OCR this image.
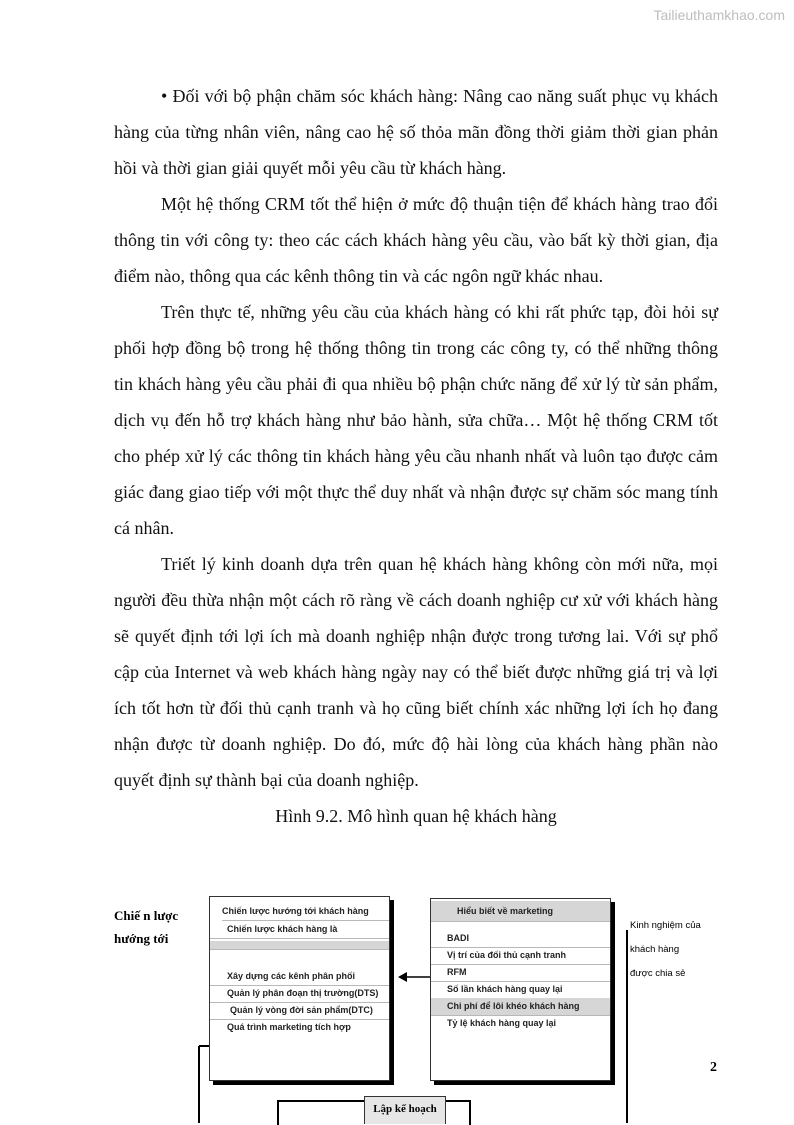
Tailieuthamkhao.com

• Đối với bộ phận chăm sóc khách hàng: Nâng cao năng suất phục vụ khách hàng của từng nhân viên, nâng cao hệ số thỏa mãn đồng thời giảm thời gian phản hồi và thời gian giải quyết mỗi yêu cầu từ khách hàng.

Một hệ thống CRM tốt thể hiện ở mức độ thuận tiện để khách hàng trao đổi thông tin với công ty: theo các cách khách hàng yêu cầu, vào bất kỳ thời gian, địa điểm nào, thông qua các kênh thông tin và các ngôn ngữ khác nhau.

Trên thực tế, những yêu cầu của khách hàng có khi rất phức tạp, đòi hỏi sự phối hợp đồng bộ trong hệ thống thông tin trong các công ty, có thể những thông tin khách hàng yêu cầu phải đi qua nhiều bộ phận chức năng để xử lý từ sản phẩm, dịch vụ đến hỗ trợ khách hàng như bảo hành, sửa chữa… Một hệ thống CRM tốt cho phép xử lý các thông tin khách hàng yêu cầu nhanh nhất và luôn tạo được cảm giác đang giao tiếp với một thực thể duy nhất và nhận được sự chăm sóc mang tính cá nhân.

Triết lý kinh doanh dựa trên quan hệ khách hàng không còn mới nữa, mọi người đều thừa nhận một cách rõ ràng về cách doanh nghiệp cư xử với khách hàng sẽ quyết định tới lợi ích mà doanh nghiệp nhận được trong tương lai. Với sự phổ cập của Internet và web khách hàng ngày nay có thể biết được những giá trị và lợi ích tốt hơn từ đối thủ cạnh tranh và họ cũng biết chính xác những lợi ích họ đang nhận được từ doanh nghiệp. Do đó, mức độ hài lòng của khách hàng phần nào quyết định sự thành bại của doanh nghiệp.

Hình 9.2. Mô hình quan hệ khách hàng
Chiế n lược
hướng tới
Chiến lược hướng tới khách hàng
Chiến lược khách hàng là
Xây dựng các kênh phân phối
Quản lý phân đoạn thị trường(DTS)
Quản lý vòng đời sản phẩm(DTC)
Quá trình marketing tích hợp
Hiểu biết về marketing
BADI
Vị trí của đối thủ cạnh tranh
RFM
Số lần khách hàng quay lại
Chi phí để lôi khéo khách hàng
Tỷ lệ khách hàng quay lại
Kinh nghiệm của
khách hàng
được chia sẻ
2
Lập kế hoạch
